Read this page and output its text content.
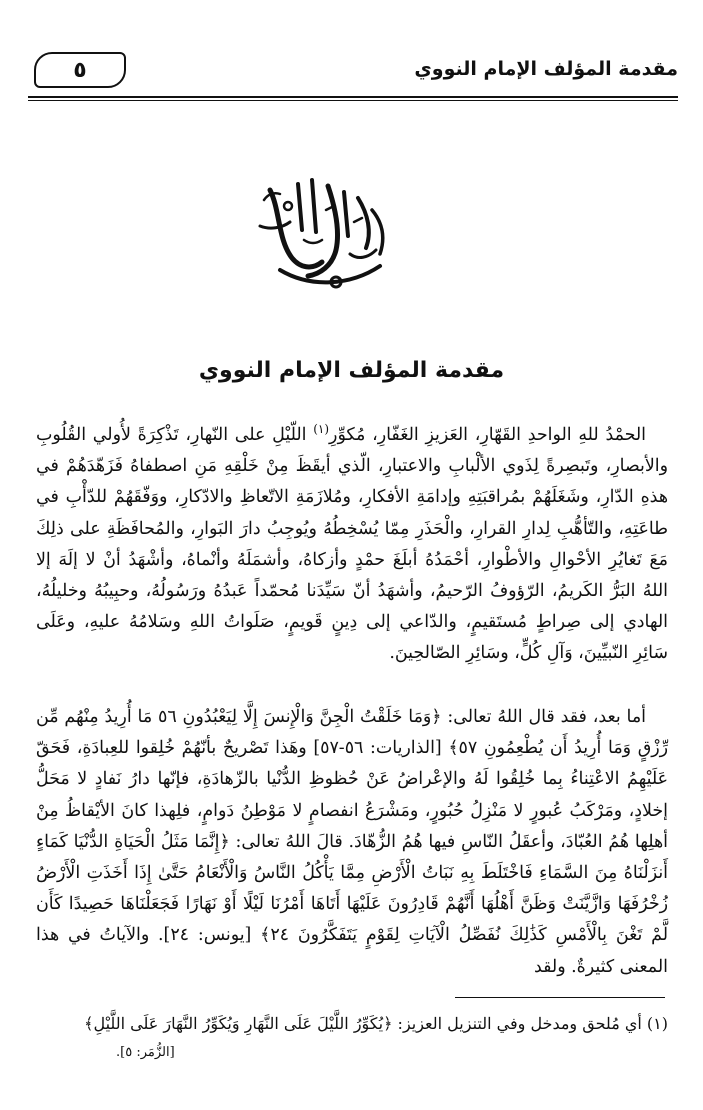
مقدمة المؤلف الإمام النووي
٥
مقدمة المؤلف الإمام النووي
الحمْدُ للهِ الواحدِ القَهّارِ، العَزيزِ الغَفّارِ، مُكوِّرِ$^{(١)}$ اللّيْلِ على النّهارِ، تَذْكِرَةً لأُولي القُلُوبِ والأبصارِ، وتَبصِرةً لِذَوي الألْبابِ والاعتبارِ، الّذي أيقَظَ مِنْ خَلْقِهِ مَنِ اصطفاهُ فَزَهّدَهُمْ في هذهِ الدّارِ، وشَغَلَهُمْ بمُراقبَتِهِ وإدامَةِ الأفكارِ، ومُلازَمَةِ الاتّعاظِ والادّكارِ، ووَفّقَهُمْ للدّأْبِ في طاعَتِهِ، والتّأهُّبِ لِدارِ القرارِ، والْحَذَرِ مِمّا يُسْخِطُهُ ويُوجِبُ دارَ البَوارِ، والمُحافَظَةِ على ذلِكَ مَعَ تَغايُرِ الأحْوالِ والأطْوارِ، أحْمَدُهُ أبلَغَ حمْدٍ وأزكاهُ، وأشمَلَهُ وأنْماهُ، وأشْهَدُ أنْ لا إلَهَ إلا اللهُ البَرُّ الكَريمُ، الرّؤوفُ الرّحيمُ، وأشهَدُ أنّ سَيِّدَنا مُحمّداً عَبدُهُ ورَسُولُهُ، وحبِيبُهُ وخليلُهُ، الهادي إلى صِراطٍ مُستَقيمٍ، والدّاعي إلى دِينٍ قَويمٍ، صَلَواتُ اللهِ وسَلامُهُ عليهِ، وعَلَى سَائِرِ النّبيِّينَ، وَآلِ كُلٍّ، وسَائِرِ الصّالحِينَ.
أما بعد، فقد قال اللهُ تعالى: ﴿وَمَا خَلَقْتُ الْجِنَّ وَالْإِنسَ إِلَّا لِيَعْبُدُونِ ٥٦ مَا أُرِيدُ مِنْهُم مِّن رِّزْقٍ وَمَا أُرِيدُ أَن يُطْعِمُونِ ٥٧﴾ [الذاريات: ٥٦-٥٧] وهَذا تَصْريحٌ بأنّهُمْ خُلِقوا للعِبادَةِ، فَحَقّ عَلَيْهِمُ الاعْتِناءُ بِما خُلِقُوا لَهُ والإعْراضُ عَنْ حُظوظِ الدُّنْيا بالزّهادَةِ، فإنّها دارُ نَفادٍ لا مَحَلُّ إخلادٍ، ومَرْكَبُ عُبورٍ لا مَنْزِلُ حُبُورٍ، ومَشْرَعُ انفصامٍ لا مَوْطِنُ دَوامٍ، فلِهذا كانَ الأيْقاظُ مِنْ أهلِها هُمُ العُبّادَ، وأعقَلُ النّاسِ فيها هُمُ الزُّهّادَ. قالَ اللهُ تعالى: ﴿إِنَّمَا مَثَلُ الْحَيَاةِ الدُّنْيَا كَمَاءٍ أَنزَلْنَاهُ مِنَ السَّمَاءِ فَاخْتَلَطَ بِهِ نَبَاتُ الْأَرْضِ مِمَّا يَأْكُلُ النَّاسُ وَالْأَنْعَامُ حَتَّىٰ إِذَا أَخَذَتِ الْأَرْضُ زُخْرُفَهَا وَازَّيَّنَتْ وَظَنَّ أَهْلُهَا أَنَّهُمْ قَادِرُونَ عَلَيْهَا أَتَاهَا أَمْرُنَا لَيْلًا أَوْ نَهَارًا فَجَعَلْنَاهَا حَصِيدًا كَأَن لَّمْ تَغْنَ بِالْأَمْسِ كَذَٰلِكَ نُفَصِّلُ الْآيَاتِ لِقَوْمٍ يَتَفَكَّرُونَ ٢٤﴾ [يونس: ٢٤]. والآياتُ في هذا المعنى كثيرةٌ. ولقد
(١) أي مُلحق ومدخل وفي التنزيل العزيز: ﴿يُكَوِّرُ اللَّيْلَ عَلَى النَّهَارِ وَيُكَوِّرُ النَّهَارَ عَلَى اللَّيْلِ﴾
[الزُّمَر: ٥].
